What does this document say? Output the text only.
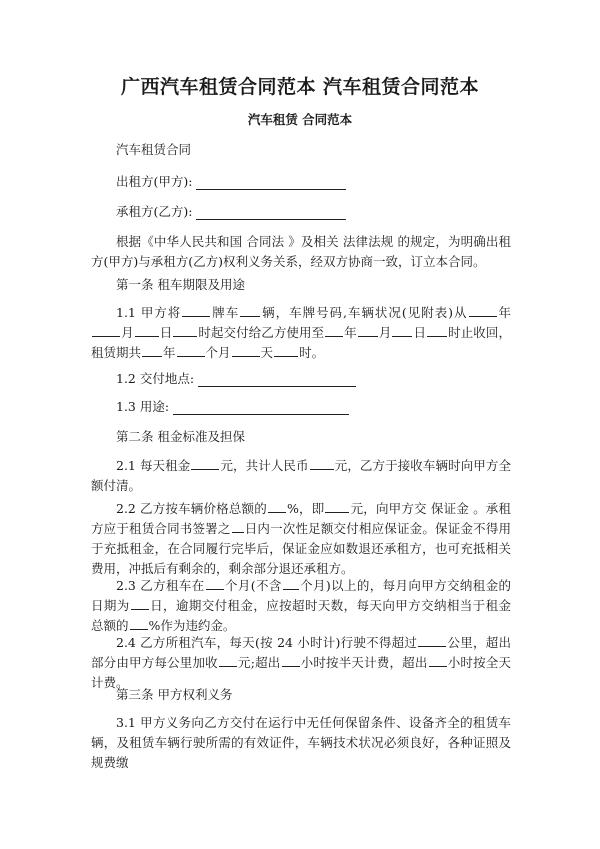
广西汽车租赁合同范本 汽车租赁合同范本
汽车租赁 合同范本
汽车租赁合同
出租方(甲方):
承租方(乙方):
根据《中华人民共和国 合同法 》及相关 法律法规 的规定，为明确出租方(甲方)与承租方(乙方)权利义务关系，经双方协商一致，订立本合同。
第一条 租车期限及用途
1.1 甲方将 牌车 辆，车牌号码,车辆状况(见附表)从 年月 日 时起交付给乙方使用至 年 月 日 时止收回，租赁期共 年 个月 天 时。
1.2 交付地点:
1.3 用途:
第二条 租金标准及担保
2.1 每天租金 元，共计人民币 元，乙方于接收车辆时向甲方全额付清。
2.2 乙方按车辆价格总额的 %，即 元，向甲方交 保证金 。承租方应于租赁合同书签署之 日内一次性足额交付相应保证金。保证金不得用于充抵租金，在合同履行完毕后，保证金应如数退还承租方，也可充抵相关费用，冲抵后有剩余的，剩余部分退还承租方。
2.3 乙方租车在 个月(不含 个月)以上的，每月向甲方交纳租金的日期为 日，逾期交付租金，应按超时天数，每天向甲方交纳相当于租金总额的 %作为违约金。
2.4 乙方所租汽车，每天(按 24 小时计)行驶不得超过 公里，超出部分由甲方每公里加收 元;超出 小时按半天计费，超出 小时按全天计费。
第三条 甲方权利义务
3.1 甲方义务向乙方交付在运行中无任何保留条件、设备齐全的租赁车辆，及租赁车辆行驶所需的有效证件，车辆技术状况必须良好，各种证照及规费缴
